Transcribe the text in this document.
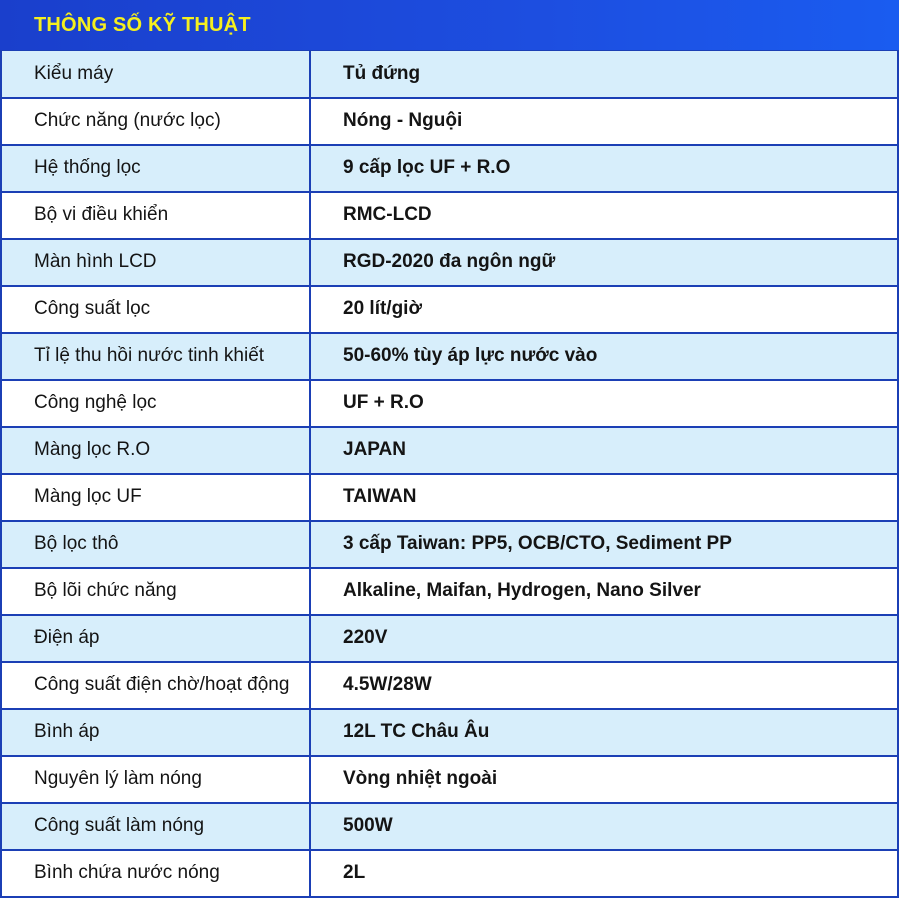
THÔNG SỐ KỸ THUẬT
Kiểu máy	Tủ đứng
Chức năng (nước lọc)	Nóng - Nguội
Hệ thống lọc	9 cấp lọc UF + R.O
Bộ vi điều khiển	RMC-LCD
Màn hình LCD	RGD-2020 đa ngôn ngữ
Công suất lọc	20 lít/giờ
Tỉ lệ thu hồi nước tinh khiết	50-60% tùy áp lực nước vào
Công nghệ lọc	UF + R.O
Màng lọc R.O	JAPAN
Màng lọc UF	TAIWAN
Bộ lọc thô	3 cấp Taiwan: PP5, OCB/CTO, Sediment PP
Bộ lõi chức năng	Alkaline, Maifan, Hydrogen, Nano Silver
Điện áp	220V
Công suất điện chờ/hoạt động	4.5W/28W
Bình áp	12L TC Châu Âu
Nguyên lý làm nóng	Vòng nhiệt ngoài
Công suất làm nóng	500W
Bình chứa nước nóng	2L
